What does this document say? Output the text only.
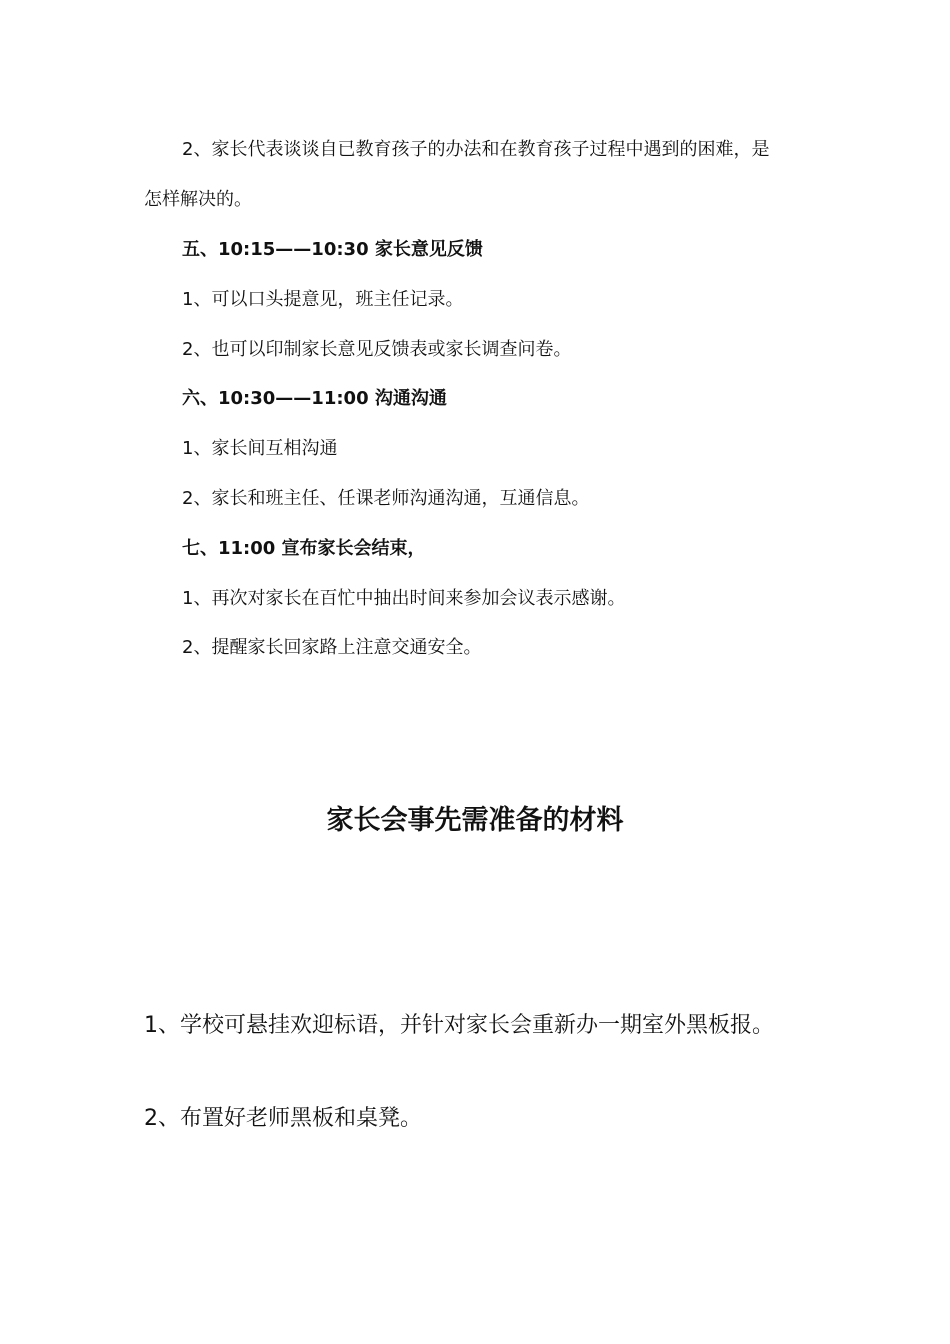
2、家长代表谈谈自已教育孩子的办法和在教育孩子过程中遇到的困难，是
怎样解决的。
五、10:15——10:30 家长意见反馈
1、可以口头提意见，班主任记录。
2、也可以印制家长意见反馈表或家长调查问卷。
六、10:30——11:00 沟通沟通
1、家长间互相沟通
2、家长和班主任、任课老师沟通沟通，互通信息。
七、11:00 宣布家长会结束，
1、再次对家长在百忙中抽出时间来参加会议表示感谢。
2、提醒家长回家路上注意交通安全。
家长会事先需准备的材料
1、学校可悬挂欢迎标语，并针对家长会重新办一期室外黑板报。
2、布置好老师黑板和桌凳。
